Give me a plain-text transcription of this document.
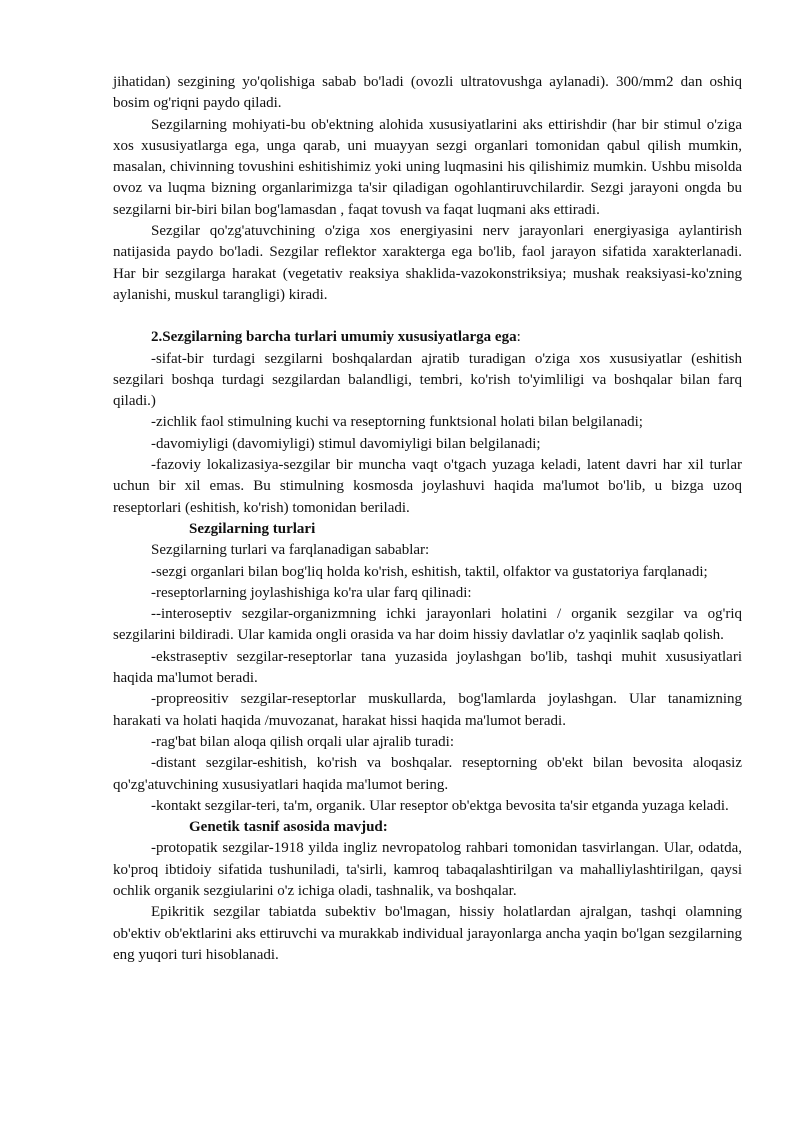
jihatidan) sezgining yo'qolishiga sabab bo'ladi (ovozli ultratovushga aylanadi). 300/mm2 dan oshiq bosim og'riqni paydo qiladi.

Sezgilarning mohiyati-bu ob'ektning alohida xususiyatlarini aks ettirishdir (har bir stimul o'ziga xos xususiyatlarga ega, unga qarab, uni muayyan sezgi organlari tomonidan qabul qilish mumkin, masalan, chivinning tovushini eshitishimiz yoki uning luqmasini his qilishimiz mumkin. Ushbu misolda ovoz va luqma bizning organlarimizga ta'sir qiladigan ogohlantiruvchilardir. Sezgi jarayoni ongda bu sezgilarni bir-biri bilan bog'lamasdan , faqat tovush va faqat luqmani aks ettiradi.

Sezgilar qo'zg'atuvchining o'ziga xos energiyasini nerv jarayonlari energiyasiga aylantirish natijasida paydo bo'ladi. Sezgilar reflektor xarakterga ega bo'lib, faol jarayon sifatida xarakterlanadi. Har bir sezgilarga harakat (vegetativ reaksiya shaklida-vazokonstriksiya; mushak reaksiyasi-ko'zning aylanishi, muskul tarangligi) kiradi.

2.Sezgilarning barcha turlari umumiy xususiyatlarga ega:

-sifat-bir turdagi sezgilarni boshqalardan ajratib turadigan o'ziga xos xususiyatlar (eshitish sezgilari boshqa turdagi sezgilardan balandligi, tembri, ko'rish to'yimliligi va boshqalar bilan farq qiladi.)

-zichlik faol stimulning kuchi va reseptorning funktsional holati bilan belgilanadi;

-davomiyligi (davomiyligi) stimul davomiyligi bilan belgilanadi;

-fazoviy lokalizasiya-sezgilar bir muncha vaqt o'tgach yuzaga keladi, latent davri har xil turlar uchun bir xil emas. Bu stimulning kosmosda joylashuvi haqida ma'lumot bo'lib, u bizga uzoq reseptorlari (eshitish, ko'rish) tomonidan beriladi.

Sezgilarning turlari

Sezgilarning turlari va farqlanadigan sabablar:

-sezgi organlari bilan bog'liq holda ko'rish, eshitish, taktil, olfaktor va gustatoriya farqlanadi;

-reseptorlarning joylashishiga ko'ra ular farq qilinadi:

--interoseptiv sezgilar-organizmning ichki jarayonlari holatini / organik sezgilar va og'riq sezgilarini bildiradi. Ular kamida ongli orasida va har doim hissiy davlatlar o'z yaqinlik saqlab qolish.

-ekstraseptiv sezgilar-reseptorlar tana yuzasida joylashgan bo'lib, tashqi muhit xususiyatlari haqida ma'lumot beradi.

-propreositiv sezgilar-reseptorlar muskullarda, bog'lamlarda joylashgan. Ular tanamizning harakati va holati haqida /muvozanat, harakat hissi haqida ma'lumot beradi.

-rag'bat bilan aloqa qilish orqali ular ajralib turadi:

-distant sezgilar-eshitish, ko'rish va boshqalar. reseptorning ob'ekt bilan bevosita aloqasiz qo'zg'atuvchining xususiyatlari haqida ma'lumot bering.

-kontakt sezgilar-teri, ta'm, organik. Ular reseptor ob'ektga bevosita ta'sir etganda yuzaga keladi.

Genetik tasnif asosida mavjud:

-protopatik sezgilar-1918 yilda ingliz nevropatolog rahbari tomonidan tasvirlangan. Ular, odatda, ko'proq ibtidoiy sifatida tushuniladi, ta'sirli, kamroq tabaqalashtirilgan va mahalliylashtirilgan, qaysi ochlik organik sezgiularini o'z ichiga oladi, tashnalik, va boshqalar.

Epikritik sezgilar tabiatda subektiv bo'lmagan, hissiy holatlardan ajralgan, tashqi olamning ob'ektiv ob'ektlarini aks ettiruvchi va murakkab individual jarayonlarga ancha yaqin bo'lgan sezgilarning eng yuqori turi hisoblanadi.
